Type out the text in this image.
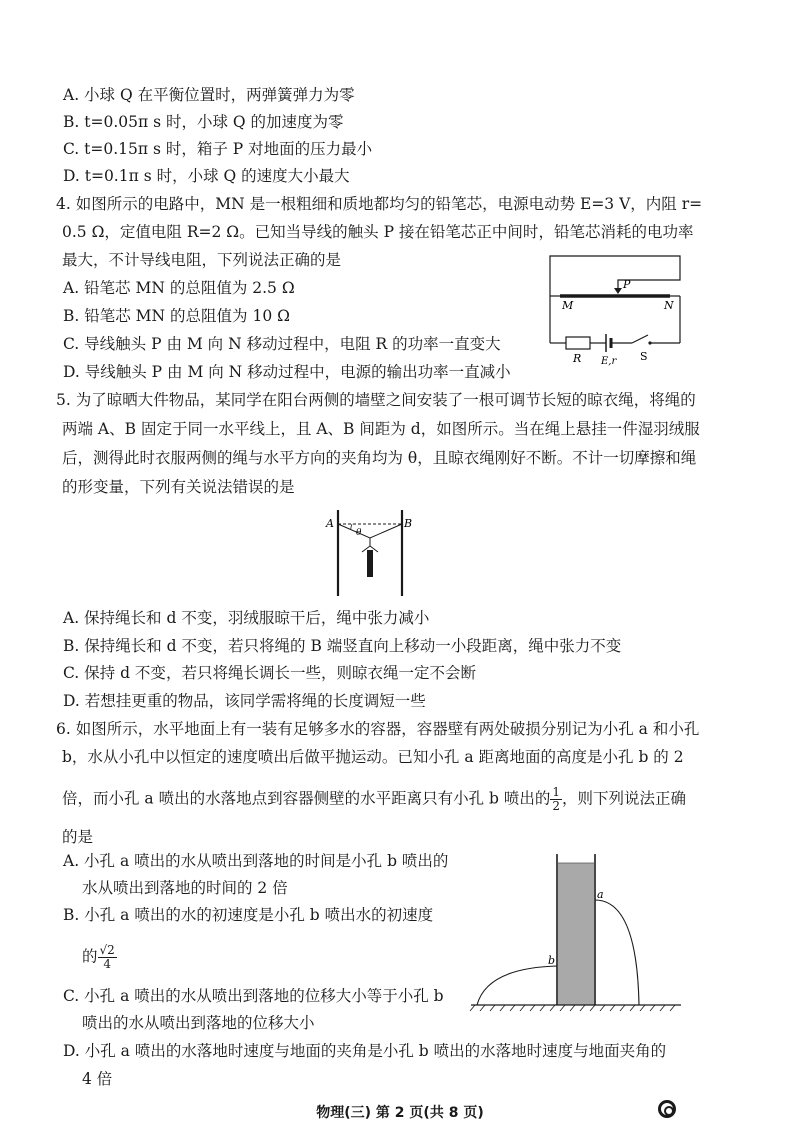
A. 小球 Q 在平衡位置时，两弹簧弹力为零
B. t=0.05π s 时，小球 Q 的加速度为零
C. t=0.15π s 时，箱子 P 对地面的压力最小
D. t=0.1π s 时，小球 Q 的速度大小最大
4. 如图所示的电路中，MN 是一根粗细和质地都均匀的铅笔芯，电源电动势 E=3 V，内阻 r=
0.5 Ω，定值电阻 R=2 Ω。已知当导线的触头 P 接在铅笔芯正中间时，铅笔芯消耗的电功率
最大，不计导线电阻，下列说法正确的是
A. 铅笔芯 MN 的总阻值为 2.5 Ω
B. 铅笔芯 MN 的总阻值为 10 Ω
C. 导线触头 P 由 M 向 N 移动过程中，电阻 R 的功率一直变大
D. 导线触头 P 由 M 向 N 移动过程中，电源的输出功率一直减小
P
M	N
R E,r S
5. 为了晾晒大件物品，某同学在阳台两侧的墙壁之间安装了一根可调节长短的晾衣绳，将绳的
两端 A、B 固定于同一水平线上，且 A、B 间距为 d，如图所示。当在绳上悬挂一件湿羽绒服
后，测得此时衣服两侧的绳与水平方向的夹角均为 θ，且晾衣绳刚好不断。不计一切摩擦和绳
的形变量，下列有关说法错误的是
A	B
θ
A. 保持绳长和 d 不变，羽绒服晾干后，绳中张力减小
B. 保持绳长和 d 不变，若只将绳的 B 端竖直向上移动一小段距离，绳中张力不变
C. 保持 d 不变，若只将绳长调长一些，则晾衣绳一定不会断
D. 若想挂更重的物品，该同学需将绳的长度调短一些
6. 如图所示，水平地面上有一装有足够多水的容器，容器壁有两处破损分别记为小孔 a 和小孔
b，水从小孔中以恒定的速度喷出后做平抛运动。已知小孔 a 距离地面的高度是小孔 b 的 2
倍，而小孔 a 喷出的水落地点到容器侧壁的水平距离只有小孔 b 喷出的 $\frac{1}{2}$ ，则下列说法正确
的是
A. 小孔 a 喷出的水从喷出到落地的时间是小孔 b 喷出的
水从喷出到落地的时间的 2 倍
B. 小孔 a 喷出的水的初速度是小孔 b 喷出水的初速度
的 $\frac{√2}{4}$
C. 小孔 a 喷出的水从喷出到落地的位移大小等于小孔 b
喷出的水从喷出到落地的位移大小
D. 小孔 a 喷出的水落地时速度与地面的夹角是小孔 b 喷出的水落地时速度与地面夹角的
4 倍
a
b
物理(三) 第 2 页(共 8 页)
